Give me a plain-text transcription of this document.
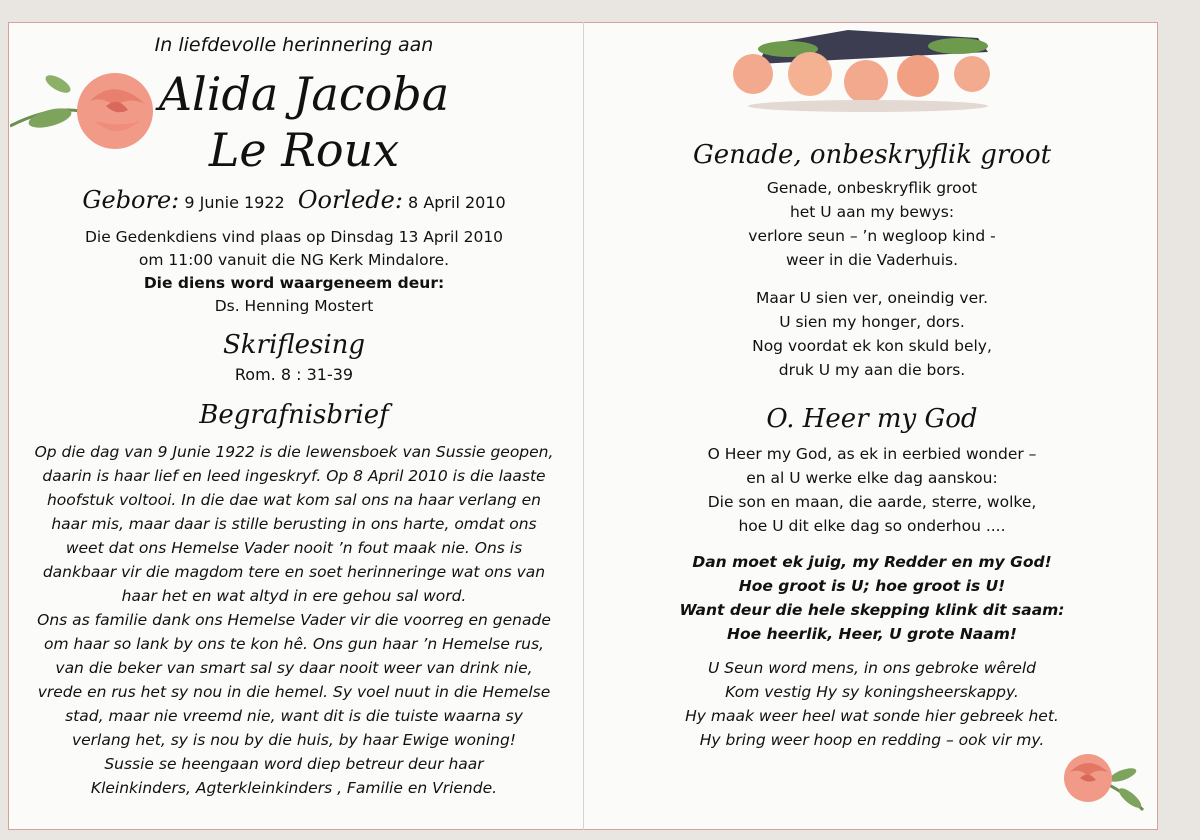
In liefdevolle herinnering aan
Alida Jacoba
Le Roux
Gebore: 9 Junie 1922 Oorlede: 8 April 2010
Die Gedenkdiens vind plaas op Dinsdag 13 April 2010
om 11:00 vanuit die NG Kerk Mindalore.
Die diens word waargeneem deur:
Ds. Henning Mostert
Skriflesing
Rom. 8 : 31-39
Begrafnisbrief
Op die dag van 9 Junie 1922 is die lewensboek van Sussie geopen,
daarin is haar lief en leed ingeskryf. Op 8 April 2010 is die laaste
hoofstuk voltooi. In die dae wat kom sal ons na haar verlang en
haar mis, maar daar is stille berusting in ons harte, omdat ons
weet dat ons Hemelse Vader nooit ’n fout maak nie. Ons is
dankbaar vir die magdom tere en soet herinneringe wat ons van
haar het en wat altyd in ere gehou sal word.
Ons as familie dank ons Hemelse Vader vir die voorreg en genade
om haar so lank by ons te kon hê. Ons gun haar ’n Hemelse rus,
van die beker van smart sal sy daar nooit weer van drink nie,
vrede en rus het sy nou in die hemel. Sy voel nuut in die Hemelse
stad, maar nie vreemd nie, want dit is die tuiste waarna sy
verlang het, sy is nou by die huis, by haar Ewige woning!
Sussie se heengaan word diep betreur deur haar
Kleinkinders, Agterkleinkinders , Familie en Vriende.
Genade, onbeskryflik groot
Genade, onbeskryflik groot
het U aan my bewys:
verlore seun – ’n wegloop kind -
weer in die Vaderhuis.
Maar U sien ver, oneindig ver.
U sien my honger, dors.
Nog voordat ek kon skuld bely,
druk U my aan die bors.
O. Heer my God
O Heer my God, as ek in eerbied wonder –
en al U werke elke dag aanskou:
Die son en maan, die aarde, sterre, wolke,
hoe U dit elke dag so onderhou ....
Dan moet ek juig, my Redder en my God!
Hoe groot is U; hoe groot is U!
Want deur die hele skepping klink dit saam:
Hoe heerlik, Heer, U grote Naam!
U Seun word mens, in ons gebroke wêreld
Kom vestig Hy sy koningsheerskappy.
Hy maak weer heel wat sonde hier gebreek het.
Hy bring weer hoop en redding – ook vir my.
